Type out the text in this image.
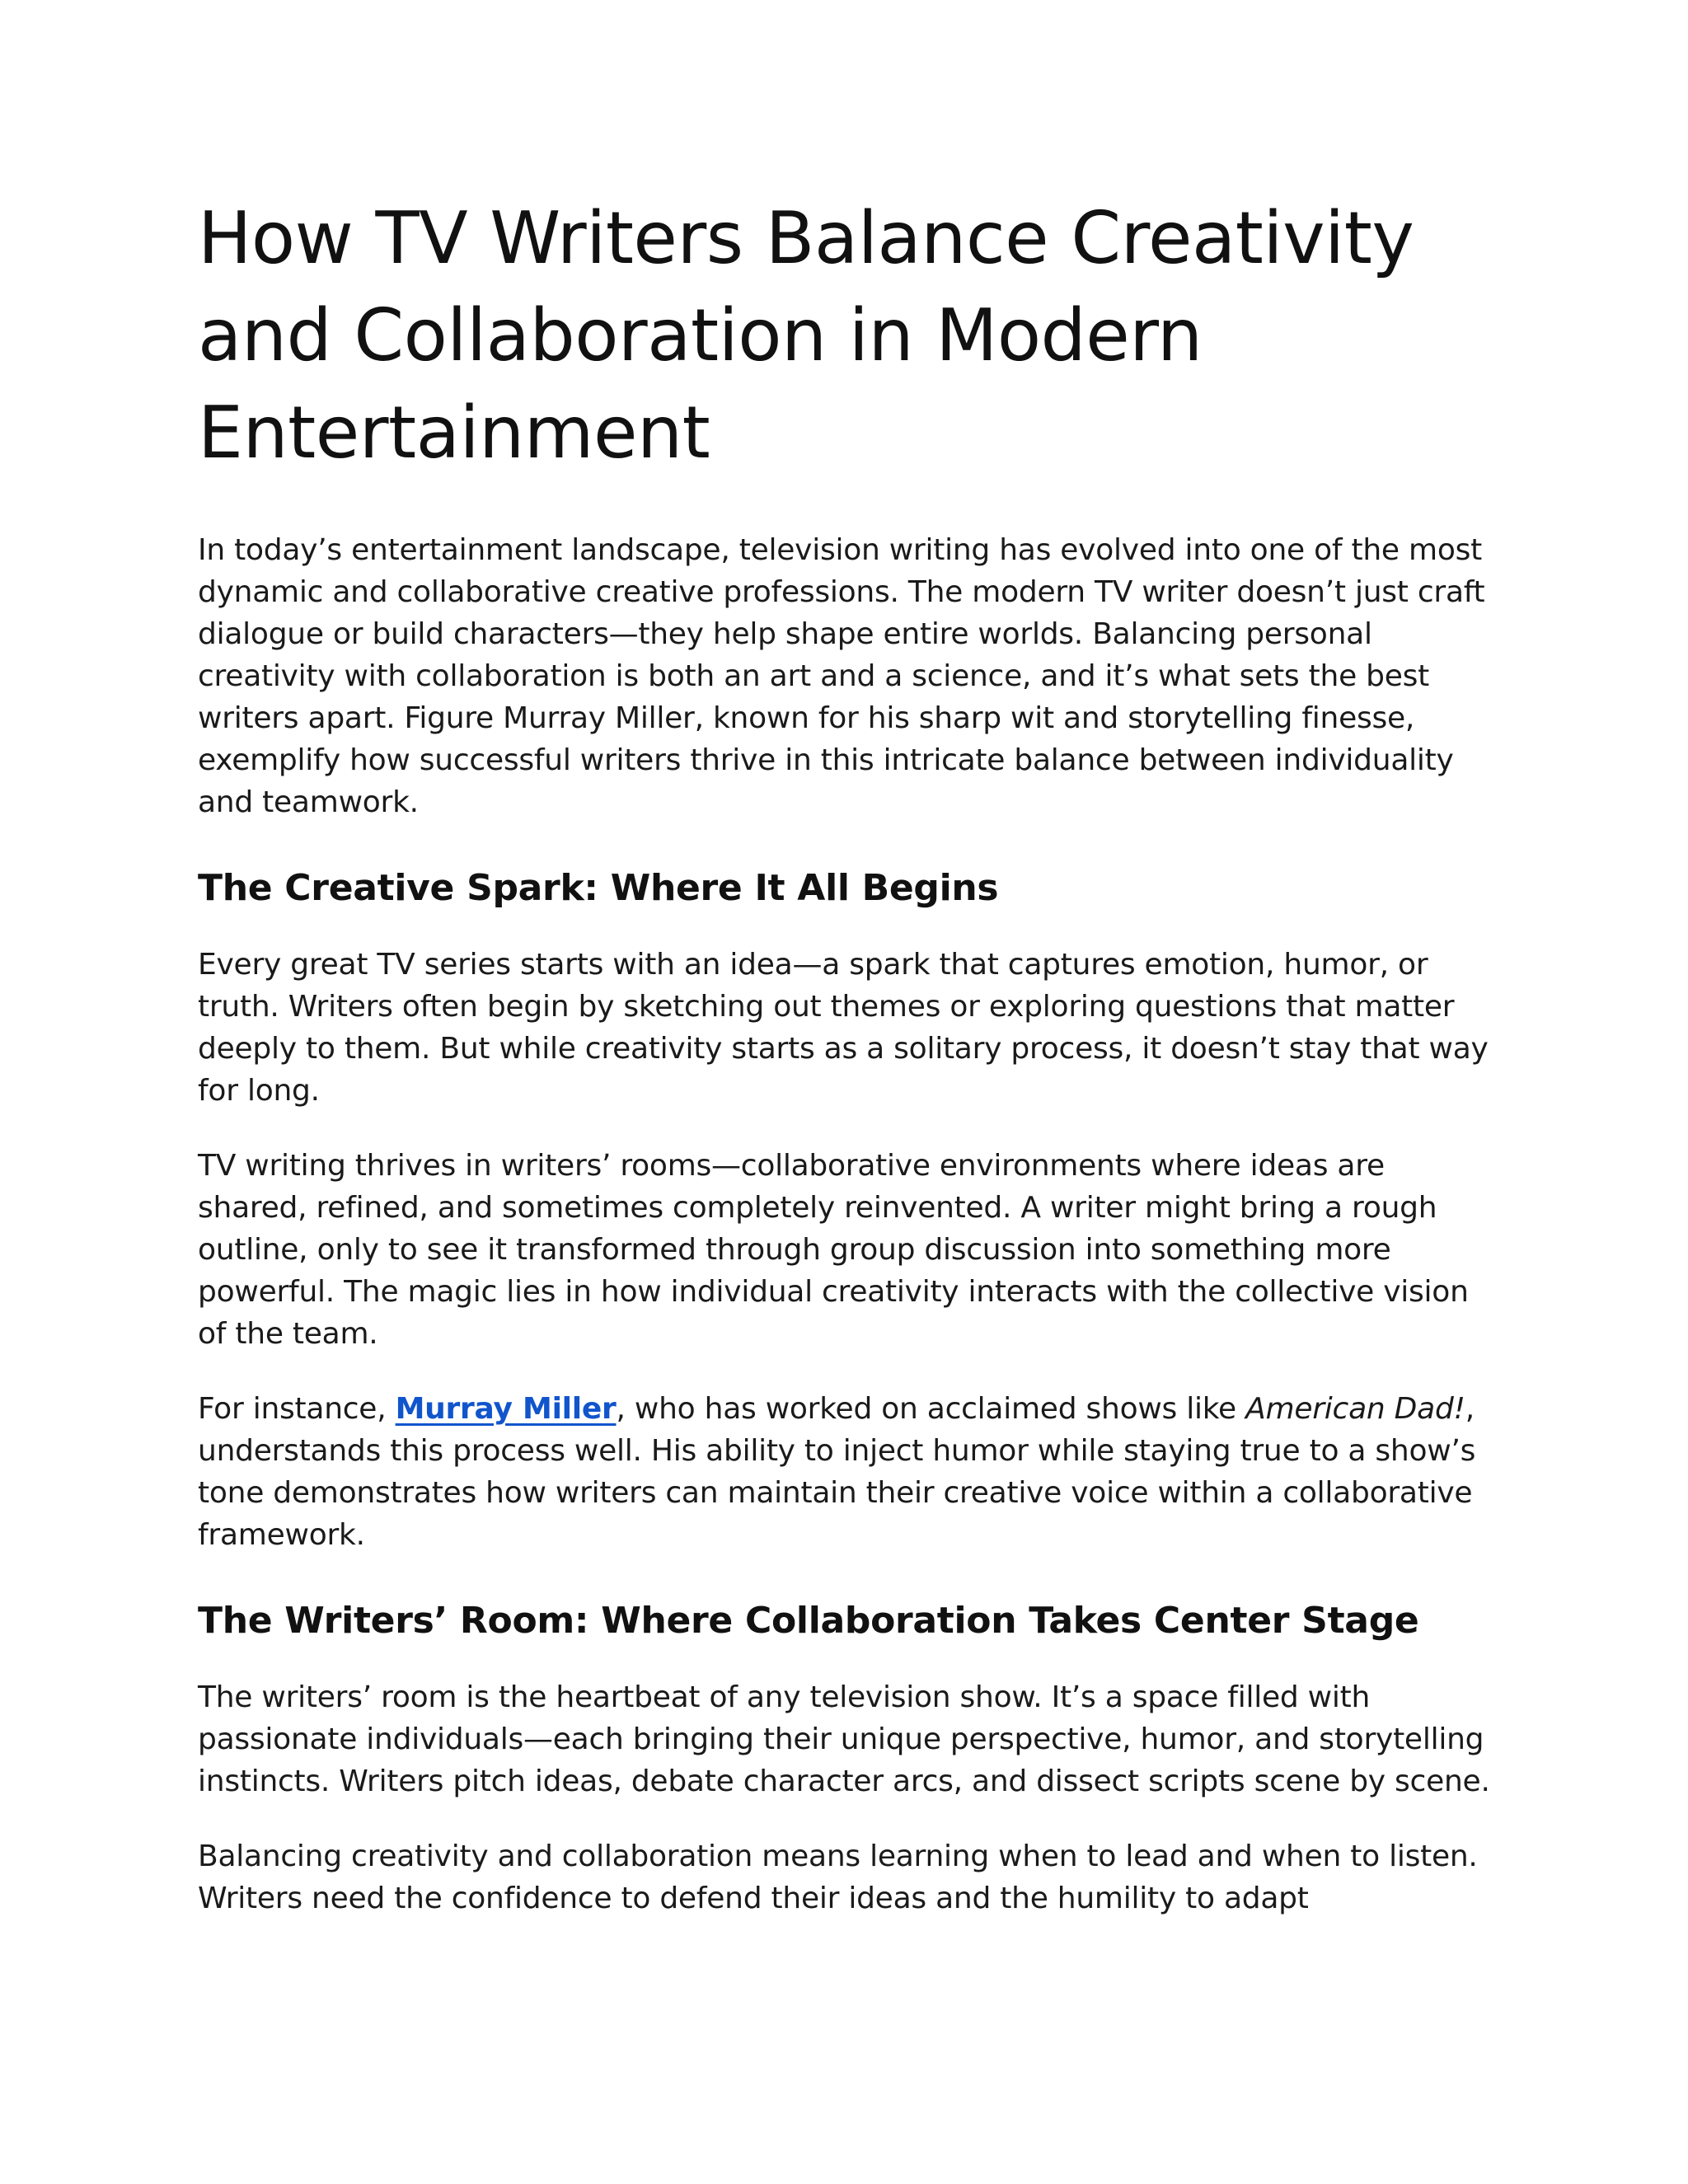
How TV Writers Balance Creativity and Collaboration in Modern Entertainment

In today’s entertainment landscape, television writing has evolved into one of the most dynamic and collaborative creative professions. The modern TV writer doesn’t just craft dialogue or build characters—they help shape entire worlds. Balancing personal creativity with collaboration is both an art and a science, and it’s what sets the best writers apart. Figure Murray Miller, known for his sharp wit and storytelling finesse, exemplify how successful writers thrive in this intricate balance between individuality and teamwork.

The Creative Spark: Where It All Begins

Every great TV series starts with an idea—a spark that captures emotion, humor, or truth. Writers often begin by sketching out themes or exploring questions that matter deeply to them. But while creativity starts as a solitary process, it doesn’t stay that way for long.

TV writing thrives in writers’ rooms—collaborative environments where ideas are shared, refined, and sometimes completely reinvented. A writer might bring a rough outline, only to see it transformed through group discussion into something more powerful. The magic lies in how individual creativity interacts with the collective vision of the team.

For instance, Murray Miller, who has worked on acclaimed shows like American Dad!, understands this process well. His ability to inject humor while staying true to a show’s tone demonstrates how writers can maintain their creative voice within a collaborative framework.

The Writers’ Room: Where Collaboration Takes Center Stage

The writers’ room is the heartbeat of any television show. It’s a space filled with passionate individuals—each bringing their unique perspective, humor, and storytelling instincts. Writers pitch ideas, debate character arcs, and dissect scripts scene by scene.

Balancing creativity and collaboration means learning when to lead and when to listen. Writers need the confidence to defend their ideas and the humility to adapt
